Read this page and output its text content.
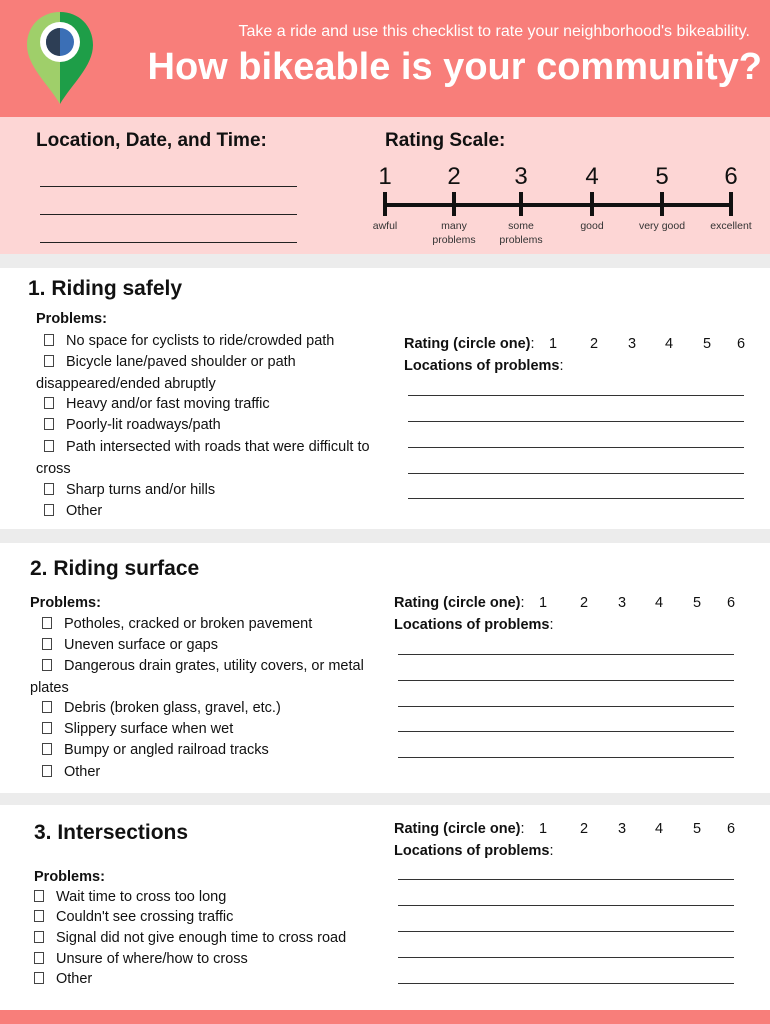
Take a ride and use this checklist to rate your neighborhood's bikeability.
How bikeable is your community?
Location, Date, and Time:	Rating Scale:
1
awful
2
many
problems
3
some
problems
4
good
5
very good
6
excellent
1. Riding safely
Problems:
No space for cyclists to ride/crowded path
Bicycle lane/paved shoulder or path
disappeared/ended abruptly
Heavy and/or fast moving traffic
Poorly-lit roadways/path
Path intersected with roads that were difficult to
cross
Sharp turns and/or hills
Other
Rating (circle one):
Locations of problems:
2. Riding surface
Problems:
Potholes, cracked or broken pavement
Uneven surface or gaps
Dangerous drain grates, utility covers, or metal
plates
Debris (broken glass, gravel, etc.)
Slippery surface when wet
Bumpy or angled railroad tracks
Other
Rating (circle one):
Locations of problems:
3. Intersections
Problems:
Wait time to cross too long
Couldn't see crossing traffic
Signal did not give enough time to cross road
Unsure of where/how to cross
Other
Rating (circle one):
Locations of problems:
1 2 3 4 5 6
1 2 3 4 5 6
1 2 3 4 5 6
